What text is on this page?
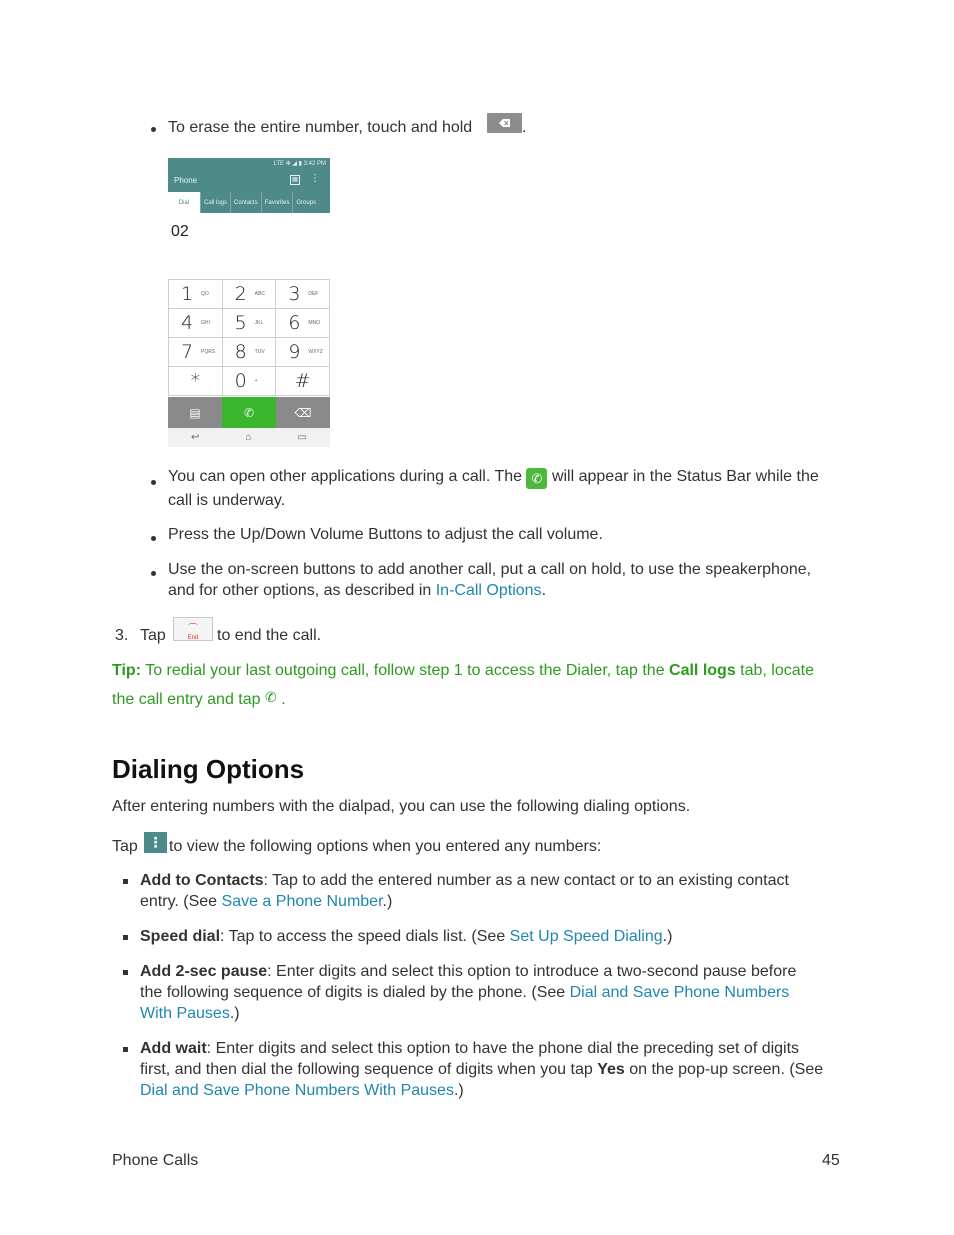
To erase the entire number, touch and hold	.
LTE ✻ ◢ ▮ 3:42 PM
Phone	▦ ⋮
Dial	Call logs	Contacts	Favorites	Groups
02
1 QO 2 ABC 3 DEF
4 GHI 5 JKL 6 MNO
7 PQRS 8 TUV 9 WXYZ
*	0 +	#
▤	✆	⌫
↩	⌂	▭
You can open other applications during a call. The ✆ will appear in the Status Bar while the
call is underway.
Press the Up/Down Volume Buttons to adjust the call volume.
Use the on-screen buttons to add another call, put a call on hold, to use the speakerphone,
and for other options, as described in In-Call Options.
3. Tap	⌒
End	to end the call.
Tip: To redial your last outgoing call, follow step 1 to access the Dialer, tap the Call logs tab, locate
the call entry and tap ✆ .
Dialing Options
After entering numbers with the dialpad, you can use the following dialing options.
Tap ⋮ to view the following options when you entered any numbers:
Add to Contacts: Tap to add the entered number as a new contact or to an existing contact
entry. (See Save a Phone Number.)
Speed dial: Tap to access the speed dials list. (See Set Up Speed Dialing.)
Add 2-sec pause: Enter digits and select this option to introduce a two-second pause before
the following sequence of digits is dialed by the phone. (See Dial and Save Phone Numbers
With Pauses.)
Add wait: Enter digits and select this option to have the phone dial the preceding set of digits
first, and then dial the following sequence of digits when you tap Yes on the pop-up screen. (See
Dial and Save Phone Numbers With Pauses.)
Phone Calls	45
